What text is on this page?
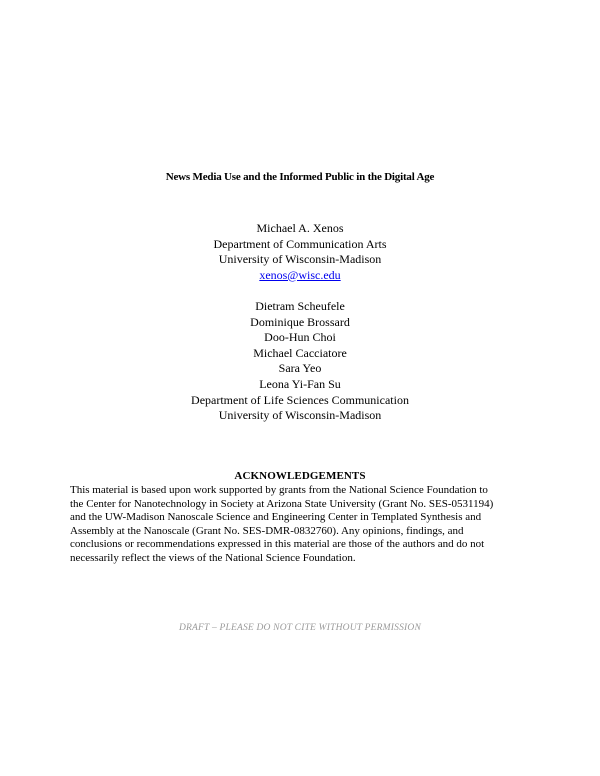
News Media Use and the Informed Public in the Digital Age
Michael A. Xenos
Department of Communication Arts
University of Wisconsin-Madison
xenos@wisc.edu
Dietram Scheufele
Dominique Brossard
Doo-Hun Choi
Michael Cacciatore
Sara Yeo
Leona Yi-Fan Su
Department of Life Sciences Communication
University of Wisconsin-Madison
ACKNOWLEDGEMENTS
This material is based upon work supported by grants from the National Science Foundation to
the Center for Nanotechnology in Society at Arizona State University (Grant No. SES-0531194)
and the UW-Madison Nanoscale Science and Engineering Center in Templated Synthesis and
Assembly at the Nanoscale (Grant No. SES-DMR-0832760). Any opinions, findings, and
conclusions or recommendations expressed in this material are those of the authors and do not
necessarily reflect the views of the National Science Foundation.
DRAFT – PLEASE DO NOT CITE WITHOUT PERMISSION
